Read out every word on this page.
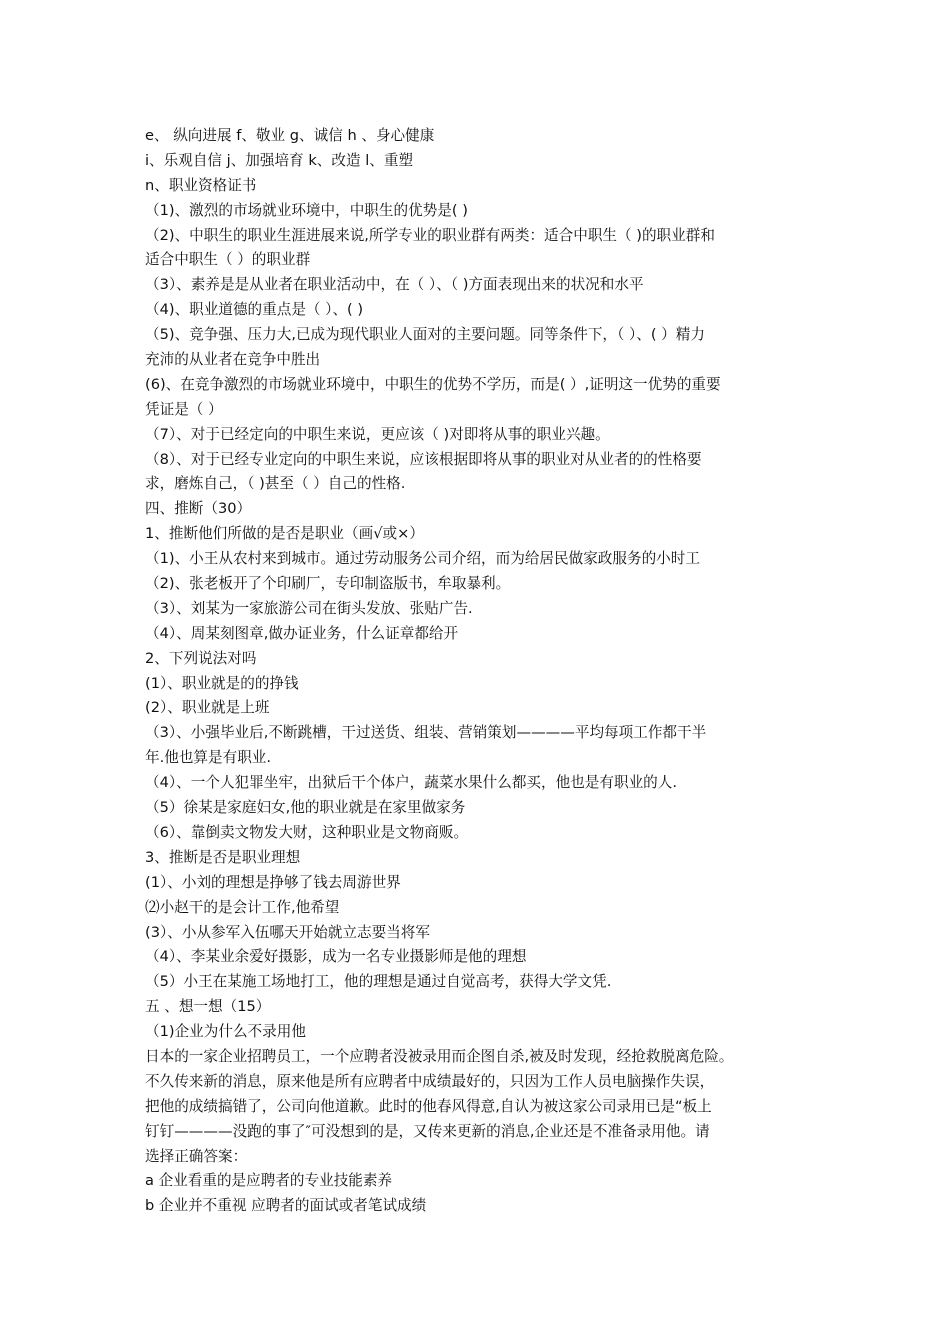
e、 纵向进展 f、敬业 g、诚信 h 、身心健康
i、乐观自信 j、加强培育 k、改造 l、重塑
n、职业资格证书
（1)、激烈的市场就业环境中，中职生的优势是( )
（2)、中职生的职业生涯进展来说,所学专业的职业群有两类：适合中职生（ )的职业群和
适合中职生（ ）的职业群
（3）、素养是是从业者在职业活动中，在（ ）、（ )方面表现出来的状况和水平
（4)、职业道德的重点是（ ）、( )
（5)、竞争强、压力大,已成为现代职业人面对的主要问题。同等条件下，（ ）、( ）精力
充沛的从业者在竞争中胜出
(6)、在竞争激烈的市场就业环境中，中职生的优势不学历，而是( ）,证明这一优势的重要
凭证是（ ）
（7）、对于已经定向的中职生来说，更应该（ )对即将从事的职业兴趣。
（8）、对于已经专业定向的中职生来说，应该根据即将从事的职业对从业者的的性格要
求，磨炼自己，（ )甚至（ ）自己的性格.
四、推断（30）
1、推断他们所做的是否是职业（画√或×）
（1)、小王从农村来到城市。通过劳动服务公司介绍，而为给居民做家政服务的小时工
（2)、张老板开了个印刷厂，专印制盗版书，牟取暴利。
（3）、刘某为一家旅游公司在街头发放、张贴广告.
（4）、周某刻图章,做办证业务，什么证章都给开
2、下列说法对吗
(1）、职业就是的的挣钱
(2）、职业就是上班
（3）、小强毕业后,不断跳槽，干过送货、组装、营销策划————平均每项工作都干半
年.他也算是有职业.
（4）、一个人犯罪坐牢，出狱后干个体户，蔬菜水果什么都买，他也是有职业的人.
（5）徐某是家庭妇女,他的职业就是在家里做家务
（6）、靠倒卖文物发大财，这种职业是文物商贩。
3、推断是否是职业理想
(1）、小刘的理想是挣够了钱去周游世界
⑵小赵干的是会计工作,他希望
(3）、小从参军入伍哪天开始就立志要当将军
（4）、李某业余爱好摄影，成为一名专业摄影师是他的理想
（5）小王在某施工场地打工，他的理想是通过自觉高考，获得大学文凭.
五 、想一想（15）
（1)企业为什么不录用他
日本的一家企业招聘员工，一个应聘者没被录用而企图自杀,被及时发现，经抢救脱离危险。
不久传来新的消息，原来他是所有应聘者中成绩最好的，只因为工作人员电脑操作失误，
把他的成绩搞错了，公司向他道歉。此时的他春风得意,自认为被这家公司录用已是“板上
钉钉————没跑的事了″可没想到的是，又传来更新的消息,企业还是不准备录用他。请
选择正确答案：
a 企业看重的是应聘者的专业技能素养
b 企业并不重视 应聘者的面试或者笔试成绩
